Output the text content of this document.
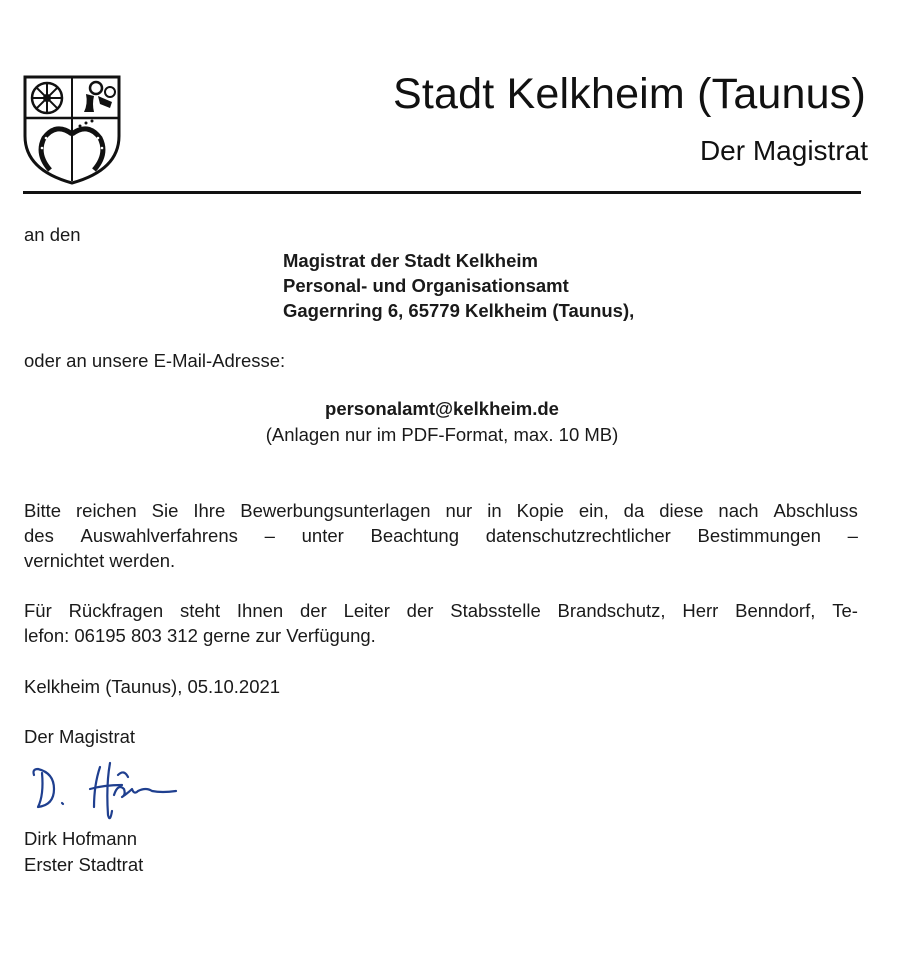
Stadt Kelkheim (Taunus)
Der Magistrat
an den
Magistrat der Stadt Kelkheim
Personal- und Organisationsamt
Gagernring 6, 65779 Kelkheim (Taunus),
oder an unsere E-Mail-Adresse:
personalamt@kelkheim.de
(Anlagen nur im PDF-Format, max. 10 MB)
Bitte reichen Sie Ihre Bewerbungsunterlagen nur in Kopie ein, da diese nach Abschluss
des Auswahlverfahrens – unter Beachtung datenschutzrechtlicher Bestimmungen –
vernichtet werden.
Für Rückfragen steht Ihnen der Leiter der Stabsstelle Brandschutz, Herr Benndorf, Te-
lefon: 06195 803 312 gerne zur Verfügung.
Kelkheim (Taunus), 05.10.2021
Der Magistrat
Dirk Hofmann
Erster Stadtrat
